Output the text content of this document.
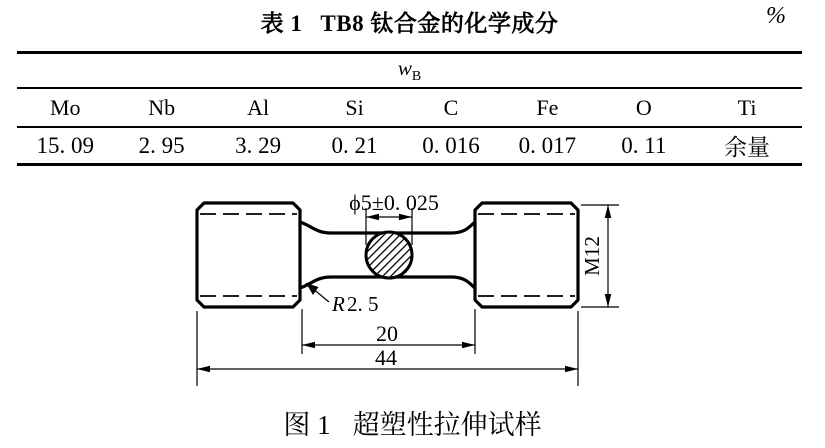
表 1 TB8 钛合金的化学成分	%
$w_B$
Mo	Nb	Al	Si	C	Fe	O	Ti
15. 09	2. 95	3. 29	0. 21	0. 016	0. 017	0. 11	余量
ϕ5±0. 025
M12
R 2. 5
20
44
图 1 超塑性拉伸试样
